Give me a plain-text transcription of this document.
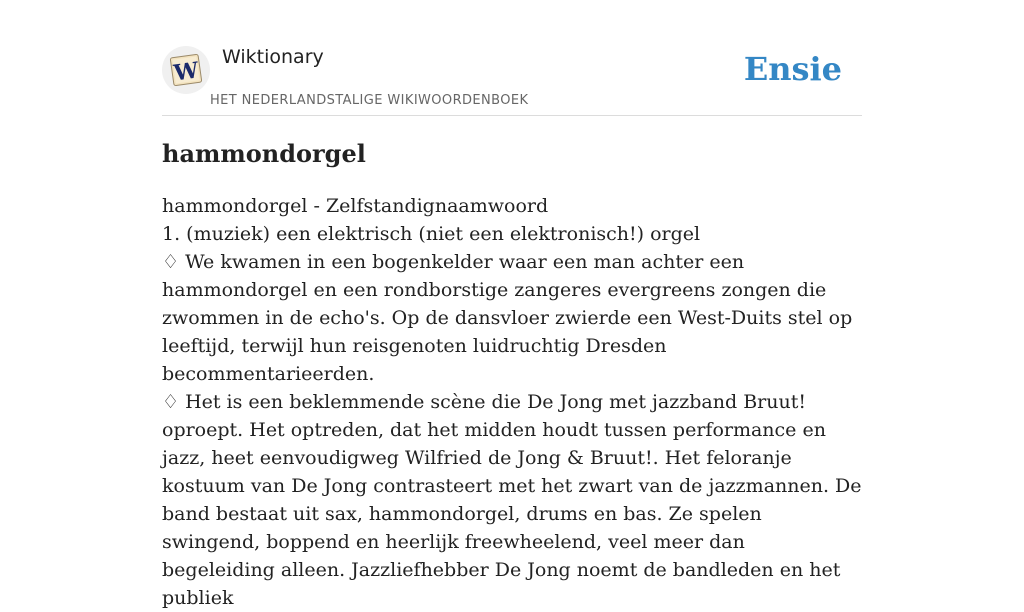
W
Wiktionary
HET NEDERLANDSTALIGE WIKIWOORDENBOEK
Ensie
hammondorgel

hammondorgel - Zelfstandignaamwoord

1. (muziek) een elektrisch (niet een elektronisch!) orgel

♢ We kwamen in een bogenkelder waar een man achter een hammondorgel en een rondborstige zangeres evergreens zongen die zwommen in de echo's. Op de dansvloer zwierde een West-Duits stel op leeftijd, terwijl hun reisgenoten luidruchtig Dresden becommentarieerden.

♢ Het is een beklemmende scène die De Jong met jazzband Bruut! oproept. Het optreden, dat het midden houdt tussen performance en jazz, heet eenvoudigweg Wilfried de Jong & Bruut!. Het feloranje kostuum van De Jong contrasteert met het zwart van de jazzmannen. De band bestaat uit sax, hammondorgel, drums en bas. Ze spelen swingend, boppend en heerlijk freewheelend, veel meer dan begeleiding alleen. Jazzliefhebber De Jong noemt de bandleden en het publiek
